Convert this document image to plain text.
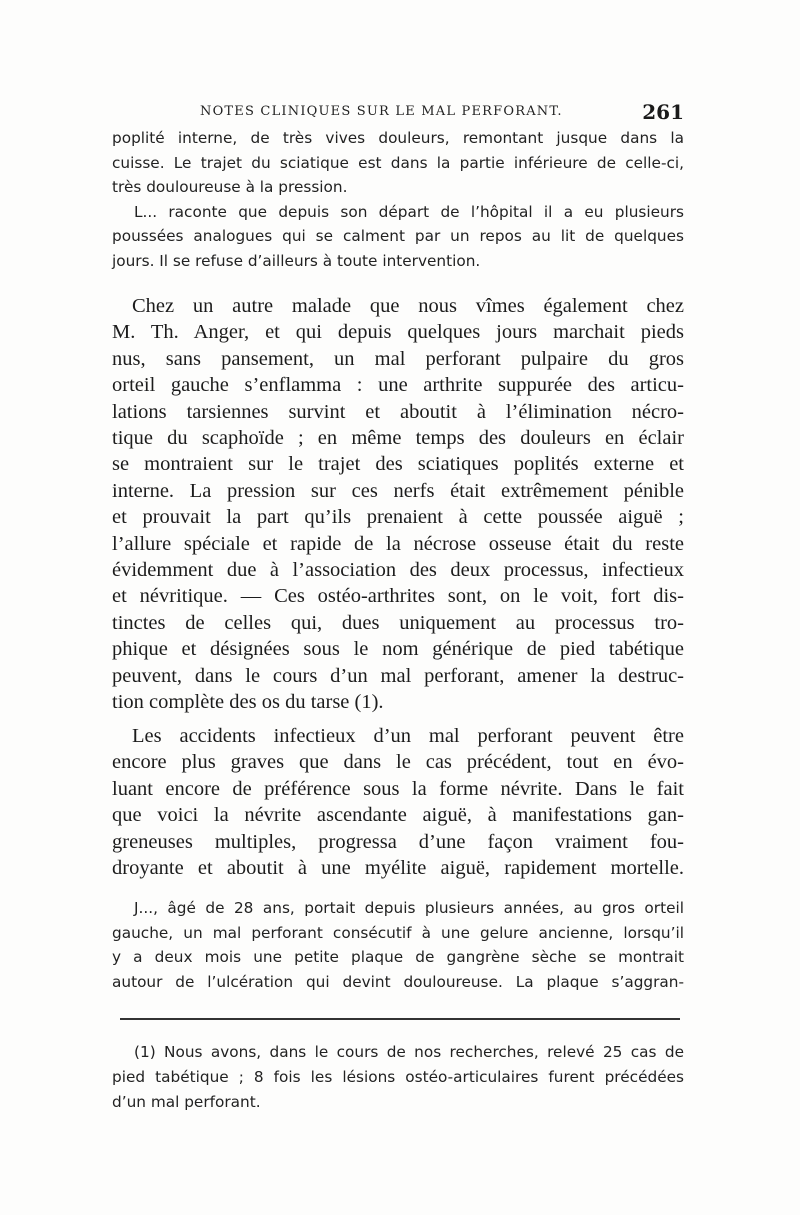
NOTES CLINIQUES SUR LE MAL PERFORANT.	261
poplité interne, de très vives douleurs, remontant jusque dans la
cuisse. Le trajet du sciatique est dans la partie inférieure de celle-ci,
très douloureuse à la pression.
L... raconte que depuis son départ de l’hôpital il a eu plusieurs
poussées analogues qui se calment par un repos au lit de quelques
jours. Il se refuse d’ailleurs à toute intervention.
Chez un autre malade que nous vîmes également chez
M. Th. Anger, et qui depuis quelques jours marchait pieds
nus, sans pansement, un mal perforant pulpaire du gros
orteil gauche s’enflamma : une arthrite suppurée des articu-
lations tarsiennes survint et aboutit à l’élimination nécro-
tique du scaphoïde ; en même temps des douleurs en éclair
se montraient sur le trajet des sciatiques poplités externe et
interne. La pression sur ces nerfs était extrêmement pénible
et prouvait la part qu’ils prenaient à cette poussée aiguë ;
l’allure spéciale et rapide de la nécrose osseuse était du reste
évidemment due à l’association des deux processus, infectieux
et névritique. — Ces ostéo-arthrites sont, on le voit, fort dis-
tinctes de celles qui, dues uniquement au processus tro-
phique et désignées sous le nom générique de pied tabétique
peuvent, dans le cours d’un mal perforant, amener la destruc-
tion complète des os du tarse (1).
Les accidents infectieux d’un mal perforant peuvent être
encore plus graves que dans le cas précédent, tout en évo-
luant encore de préférence sous la forme névrite. Dans le fait
que voici la névrite ascendante aiguë, à manifestations gan-
greneuses multiples, progressa d’une façon vraiment fou-
droyante et aboutit à une myélite aiguë, rapidement mortelle.
J..., âgé de 28 ans, portait depuis plusieurs années, au gros orteil
gauche, un mal perforant consécutif à une gelure ancienne, lorsqu’il
y a deux mois une petite plaque de gangrène sèche se montrait
autour de l’ulcération qui devint douloureuse. La plaque s’aggran-
(1) Nous avons, dans le cours de nos recherches, relevé 25 cas de
pied tabétique ; 8 fois les lésions ostéo-articulaires furent précédées
d’un mal perforant.
